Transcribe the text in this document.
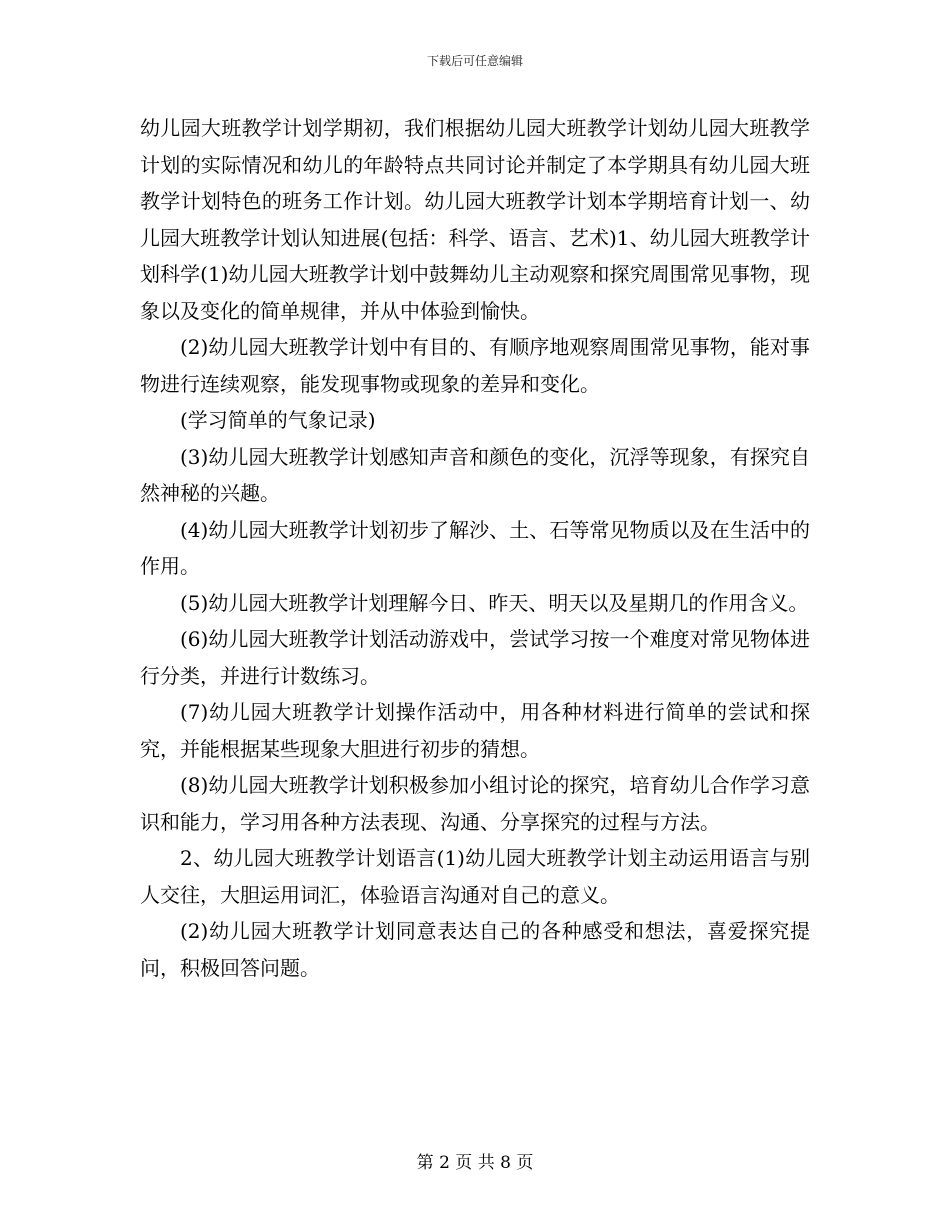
下载后可任意编辑

幼儿园大班教学计划学期初，我们根据幼儿园大班教学计划幼儿园大班教学计划的实际情况和幼儿的年龄特点共同讨论并制定了本学期具有幼儿园大班教学计划特色的班务工作计划。幼儿园大班教学计划本学期培育计划一、幼儿园大班教学计划认知进展(包括：科学、语言、艺术)1、幼儿园大班教学计划科学(1)幼儿园大班教学计划中鼓舞幼儿主动观察和探究周围常见事物，现象以及变化的简单规律，并从中体验到愉快。

(2)幼儿园大班教学计划中有目的、有顺序地观察周围常见事物，能对事物进行连续观察，能发现事物或现象的差异和变化。

(学习简单的气象记录)

(3)幼儿园大班教学计划感知声音和颜色的变化，沉浮等现象，有探究自然神秘的兴趣。

(4)幼儿园大班教学计划初步了解沙、土、石等常见物质以及在生活中的作用。

(5)幼儿园大班教学计划理解今日、昨天、明天以及星期几的作用含义。

(6)幼儿园大班教学计划活动游戏中，尝试学习按一个难度对常见物体进行分类，并进行计数练习。

(7)幼儿园大班教学计划操作活动中，用各种材料进行简单的尝试和探究，并能根据某些现象大胆进行初步的猜想。

(8)幼儿园大班教学计划积极参加小组讨论的探究，培育幼儿合作学习意识和能力，学习用各种方法表现、沟通、分享探究的过程与方法。

2、幼儿园大班教学计划语言(1)幼儿园大班教学计划主动运用语言与别人交往，大胆运用词汇，体验语言沟通对自己的意义。

(2)幼儿园大班教学计划同意表达自己的各种感受和想法，喜爱探究提问，积极回答问题。

第 2 页 共 8 页
